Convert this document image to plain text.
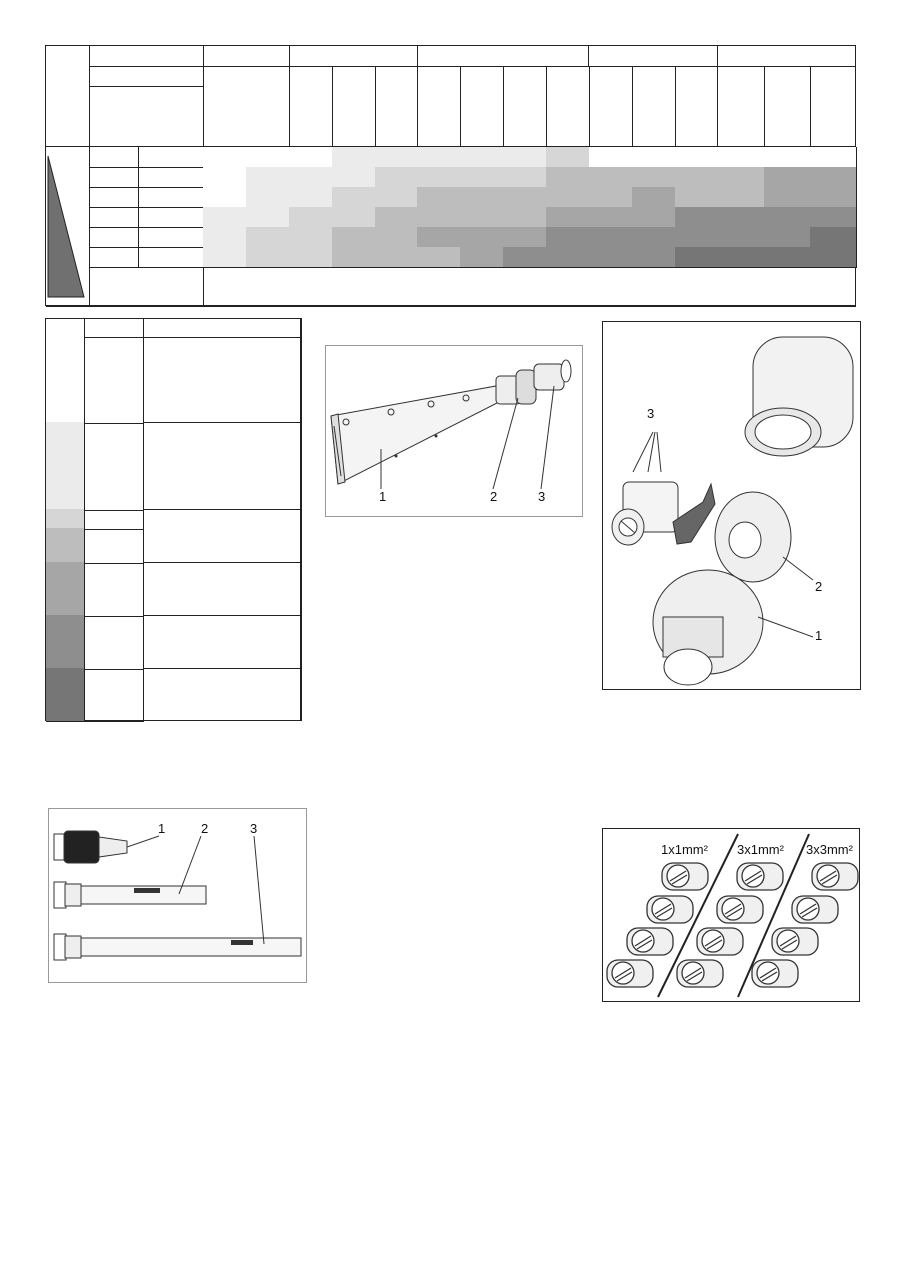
1	2	3
3
2
1
1	2	3
1x1mm² 3x1mm² 3x3mm²
